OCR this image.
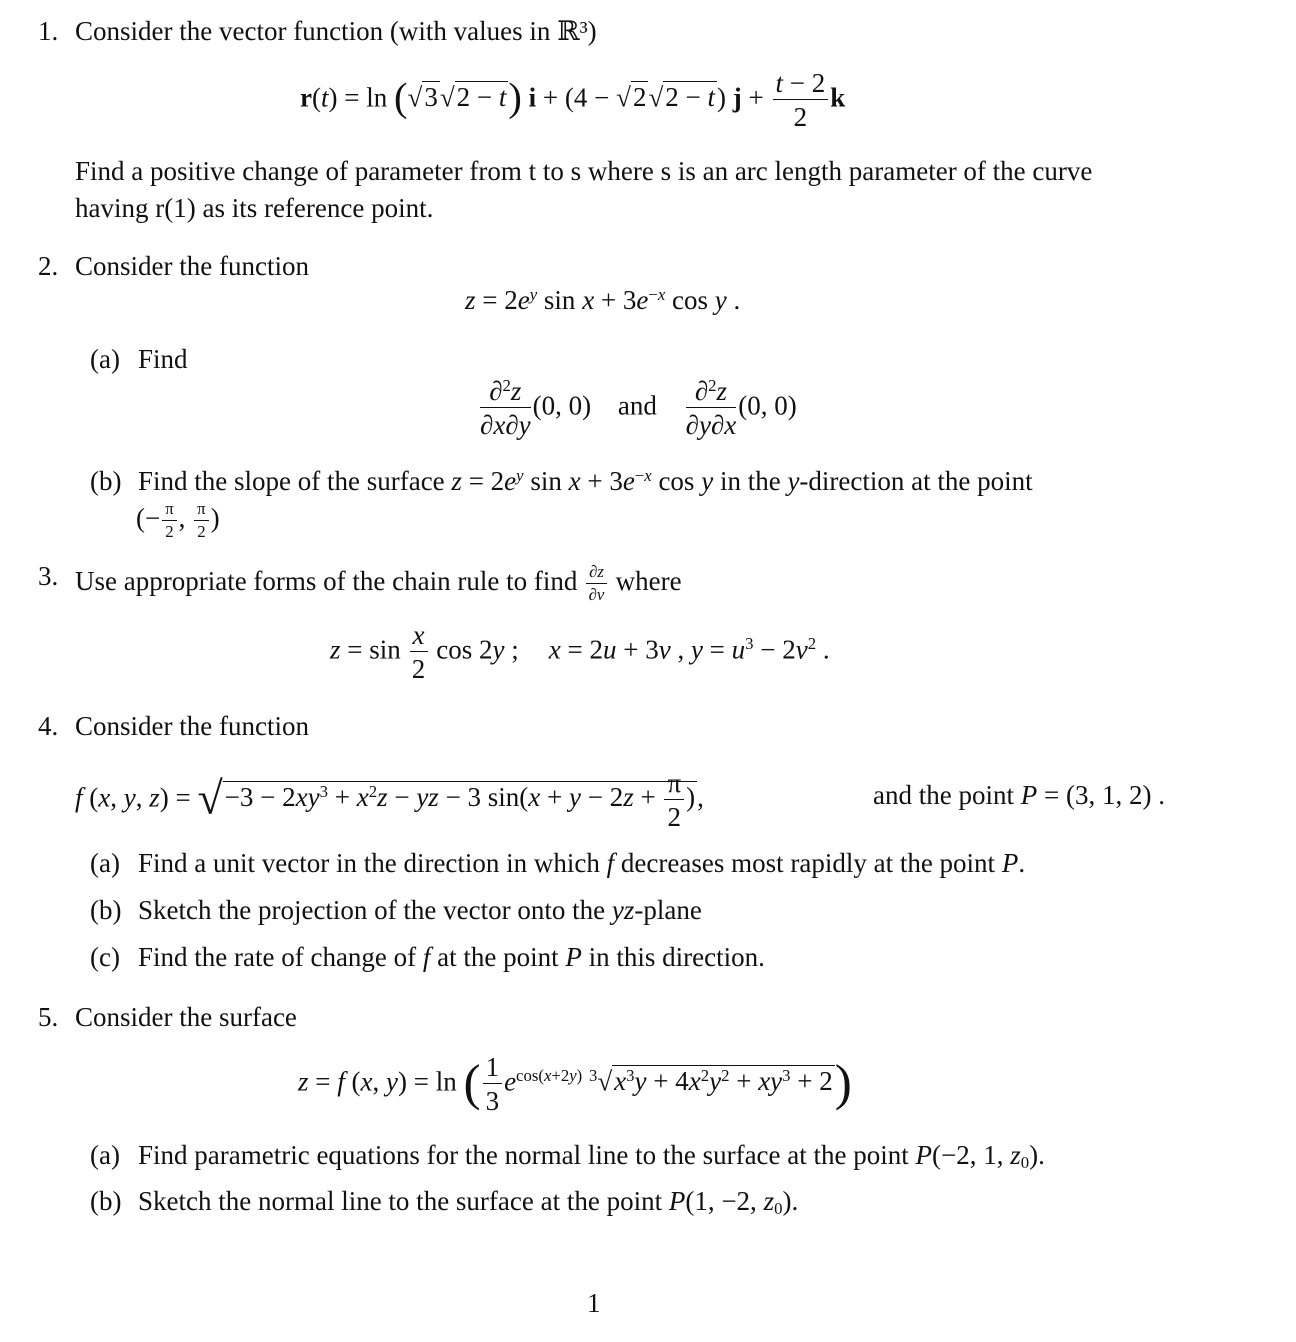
1. Consider the vector function (with values in ℝ³)
r(t) = ln (√3√2 − t) i + (4 − √2√2 − t) $j + \frac{t - 2}{2}$ k
Find a positive change of parameter from t to s where s is an arc length parameter of the curve
having r(1) as its reference point.
2. Consider the function
$z = 2e^y$ $\sin x + 3e^{-x}$ cos y .
(a) Find
$\frac{\partial^2z}{\partial x\partial y} (0$, 0) and $\frac{\partial^2z}{\partial y\partial x} (0$, 0)
(b) Find the slope of the surface $z = 2e^y$ $\sin x + 3e^{-x}$ cos y in the y-direction at the point
(− $\frac{\pi}{2}$ , $\frac{\pi}{2}$ )
3. Use appropriate forms of the chain rule to find $\frac{\partial z}{\partial v}$ where
$z = \sin \frac{x}{2}$ cos 2y ; x = 2u + 3v , $y = u^3 - 2v^2$ .
4. Consider the function
f (x, y, $z) = √-3 - 2xy^3 + x^2z$ − yz − 3 $\sin(x + y - 2z + \frac{\pi}{2}$ ),	and the point P = (3, 1, 2) .
(a) Find a unit vector in the direction in which f decreases most rapidly at the point P.
(b) Sketch the projection of the vector onto the yz-plane
(c) Find the rate of change of f at the point P in this direction.
5. Consider the surface
z = f (x, y) = ln ( $\frac{1}{3} e^{cos(x+2y)}$ $^3√x^3y + 4x^2y^2 + xy^3 + 2$)
(a) Find parametric equations for the normal line to the surface at the point P(−2, 1, $z_0$).
(b) Sketch the normal line to the surface at the point P(1, −2, $z_0$).
1
